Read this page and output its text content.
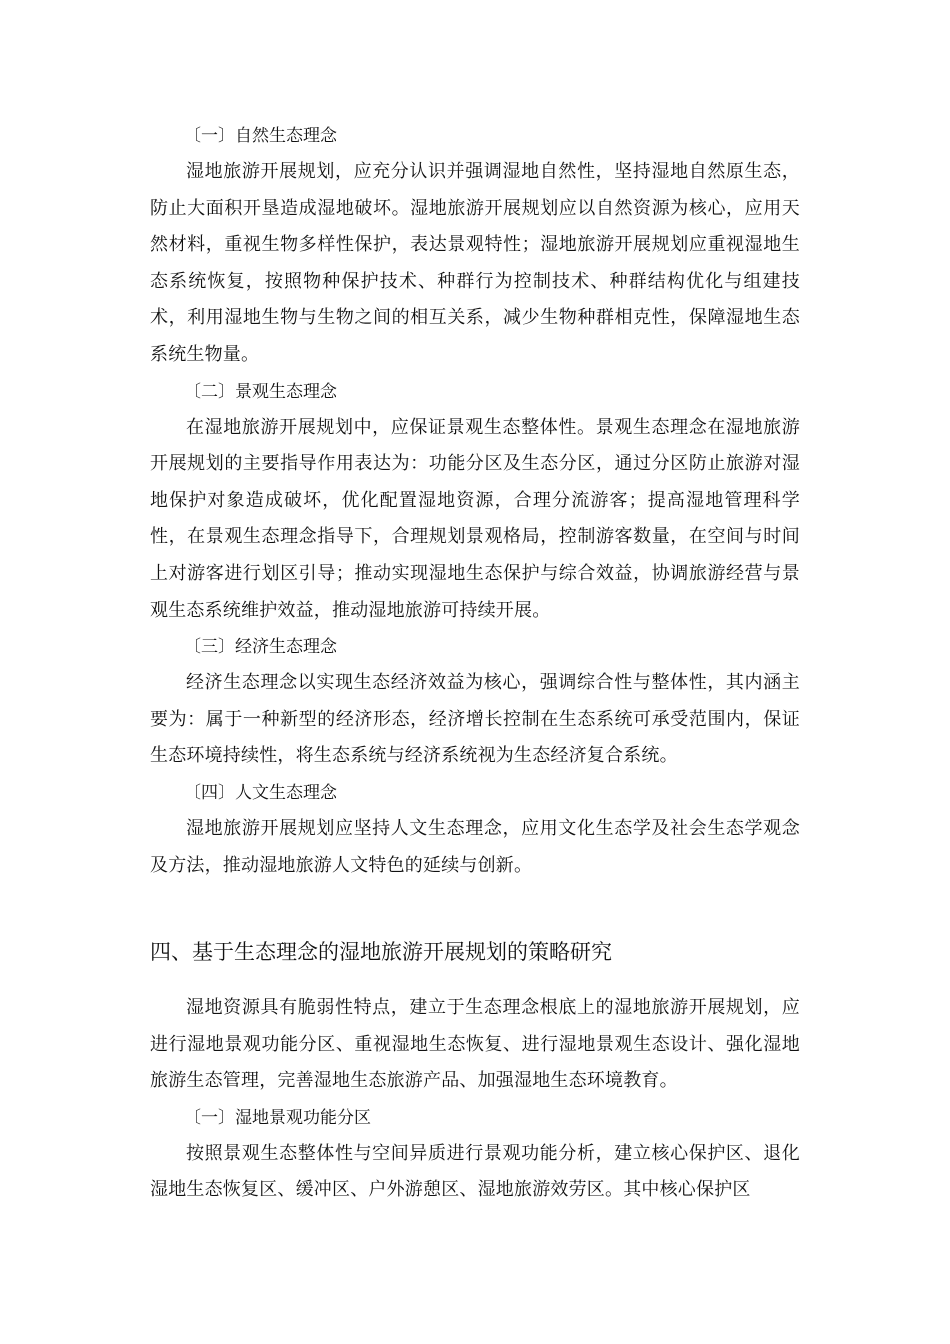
〔一〕自然生态理念

湿地旅游开展规划，应充分认识并强调湿地自然性，坚持湿地自然原生态，防止大面积开垦造成湿地破坏。湿地旅游开展规划应以自然资源为核心，应用天然材料，重视生物多样性保护，表达景观特性；湿地旅游开展规划应重视湿地生态系统恢复，按照物种保护技术、种群行为控制技术、种群结构优化与组建技术，利用湿地生物与生物之间的相互关系，减少生物种群相克性，保障湿地生态系统生物量。

〔二〕景观生态理念

在湿地旅游开展规划中，应保证景观生态整体性。景观生态理念在湿地旅游开展规划的主要指导作用表达为：功能分区及生态分区，通过分区防止旅游对湿地保护对象造成破坏，优化配置湿地资源，合理分流游客；提高湿地管理科学性，在景观生态理念指导下，合理规划景观格局，控制游客数量，在空间与时间上对游客进行划区引导；推动实现湿地生态保护与综合效益，协调旅游经营与景观生态系统维护效益，推动湿地旅游可持续开展。

〔三〕经济生态理念

经济生态理念以实现生态经济效益为核心，强调综合性与整体性，其内涵主要为：属于一种新型的经济形态，经济增长控制在生态系统可承受范围内，保证生态环境持续性，将生态系统与经济系统视为生态经济复合系统。

〔四〕人文生态理念

湿地旅游开展规划应坚持人文生态理念，应用文化生态学及社会生态学观念及方法，推动湿地旅游人文特色的延续与创新。

四、基于生态理念的湿地旅游开展规划的策略研究

湿地资源具有脆弱性特点，建立于生态理念根底上的湿地旅游开展规划，应进行湿地景观功能分区、重视湿地生态恢复、进行湿地景观生态设计、强化湿地旅游生态管理，完善湿地生态旅游产品、加强湿地生态环境教育。

〔一〕湿地景观功能分区

按照景观生态整体性与空间异质进行景观功能分析，建立核心保护区、退化湿地生态恢复区、缓冲区、户外游憩区、湿地旅游效劳区。其中核心保护区
